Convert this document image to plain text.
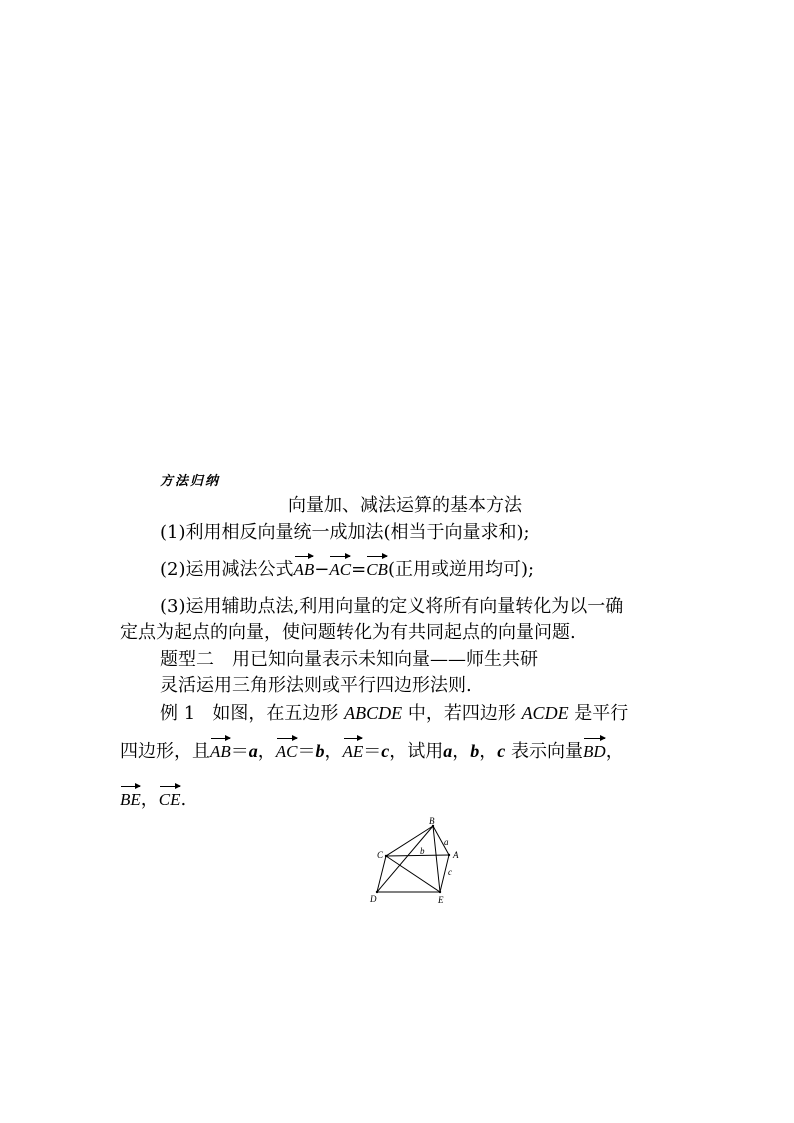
方法归纳
向量加、减法运算的基本方法
(1)利用相反向量统一成加法(相当于向量求和);
(2)运用减法公式AB−AC=CB(正用或逆用均可);
(3)运用辅助点法,利用向量的定义将所有向量转化为以一确
定点为起点的向量，使问题转化为有共同起点的向量问题.
题型二　用已知向量表示未知向量——师生共研
灵活运用三角形法则或平行四边形法则.
例 1 如图，在五边形 ABCDE 中，若四边形 ACDE 是平行
四边形，且AB＝a，AC＝b，AE＝c，试用a，b，c 表示向量BD，
BE，CE.
B
A
C
D	E
a
b
c
